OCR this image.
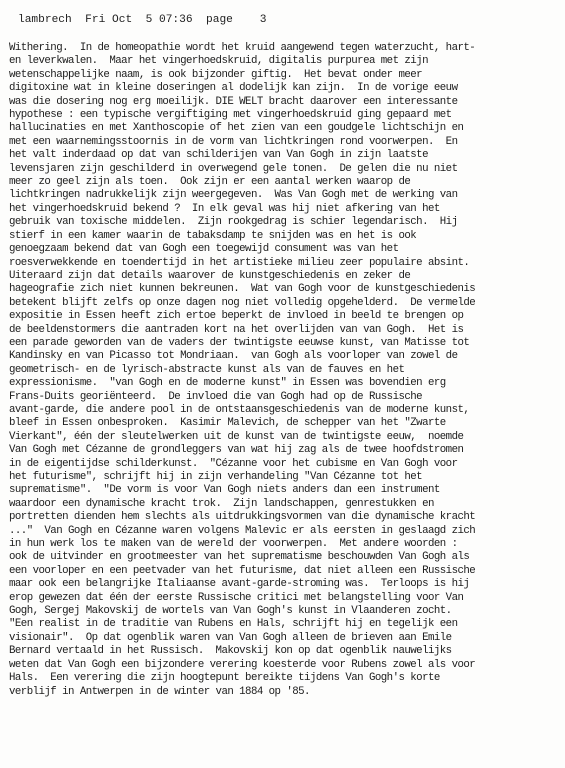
lambrech Fri Oct  5 07:36 page 3
Withering.  In de homeopathie wordt het kruid aangewend tegen waterzucht, hart-
en leverkwalen.  Maar het vingerhoedskruid, digitalis purpurea met zijn
wetenschappelijke naam, is ook bijzonder giftig.  Het bevat onder meer
digitoxine wat in kleine doseringen al dodelijk kan zijn.  In de vorige eeuw
was die dosering nog erg moeilijk. DIE WELT bracht daarover een interessante
hypothese : een typische vergiftiging met vingerhoedskruid ging gepaard met
hallucinaties en met Xanthoscopie of het zien van een goudgele lichtschijn en
met een waarnemingsstoornis in de vorm van lichtkringen rond voorwerpen.  En
het valt inderdaad op dat van schilderijen van Van Gogh in zijn laatste
levensjaren zijn geschilderd in overwegend gele tonen.  De gelen die nu niet
meer zo geel zijn als toen.  Ook zijn er een aantal werken waarop de
lichtkringen nadrukkelijk zijn weergegeven.  Was Van Gogh met de werking van
het vingerhoedskruid bekend ?  In elk geval was hij niet afkering van het
gebruik van toxische middelen.  Zijn rookgedrag is schier legendarisch.  Hij
stierf in een kamer waarin de tabaksdamp te snijden was en het is ook
genoegzaam bekend dat van Gogh een toegewijd consument was van het
roesverwekkende en toendertijd in het artistieke milieu zeer populaire absint.
Uiteraard zijn dat details waarover de kunstgeschiedenis en zeker de
hageografie zich niet kunnen bekreunen.  Wat van Gogh voor de kunstgeschiedenis
betekent blijft zelfs op onze dagen nog niet volledig opgehelderd.  De vermelde
expositie in Essen heeft zich ertoe beperkt de invloed in beeld te brengen op
de beeldenstormers die aantraden kort na het overlijden van van Gogh.  Het is
een parade geworden van de vaders der twintigste eeuwse kunst, van Matisse tot
Kandinsky en van Picasso tot Mondriaan.  van Gogh als voorloper van zowel de
geometrisch- en de lyrisch-abstracte kunst als van de fauves en het
expressionisme.  "van Gogh en de moderne kunst" in Essen was bovendien erg
Frans-Duits georiënteerd.  De invloed die van Gogh had op de Russische
avant-garde, die andere pool in de ontstaansgeschiedenis van de moderne kunst,
bleef in Essen onbesproken.  Kasimir Malevich, de schepper van het "Zwarte
Vierkant", één der sleutelwerken uit de kunst van de twintigste eeuw,  noemde
Van Gogh met Cézanne de grondleggers van wat hij zag als de twee hoofdstromen
in de eigentijdse schilderkunst.  "Cézanne voor het cubisme en Van Gogh voor
het futurisme", schrijft hij in zijn verhandeling "Van Cézanne tot het
suprematisme".  "De vorm is voor Van Gogh niets anders dan een instrument
waardoor een dynamische kracht trok.  Zijn landschappen, genrestukken en
portretten dienden hem slechts als uitdrukkingsvormen van die dynamische kracht
..."  Van Gogh en Cézanne waren volgens Malevic er als eersten in geslaagd zich
in hun werk los te maken van de wereld der voorwerpen.  Met andere woorden :
ook de uitvinder en grootmeester van het suprematisme beschouwden Van Gogh als
een voorloper en een peetvader van het futurisme, dat niet alleen een Russische
maar ook een belangrijke Italiaanse avant-garde-stroming was.  Terloops is hij
erop gewezen dat één der eerste Russische critici met belangstelling voor Van
Gogh, Sergej Makovskij de wortels van Van Gogh's kunst in Vlaanderen zocht.
"Een realist in de traditie van Rubens en Hals, schrijft hij en tegelijk een
visionair".  Op dat ogenblik waren van Van Gogh alleen de brieven aan Emile
Bernard vertaald in het Russisch.  Makovskij kon op dat ogenblik nauwelijks
weten dat Van Gogh een bijzondere verering koesterde voor Rubens zowel als voor
Hals.  Een verering die zijn hoogtepunt bereikte tijdens Van Gogh's korte
verblijf in Antwerpen in de winter van 1884 op '85.
